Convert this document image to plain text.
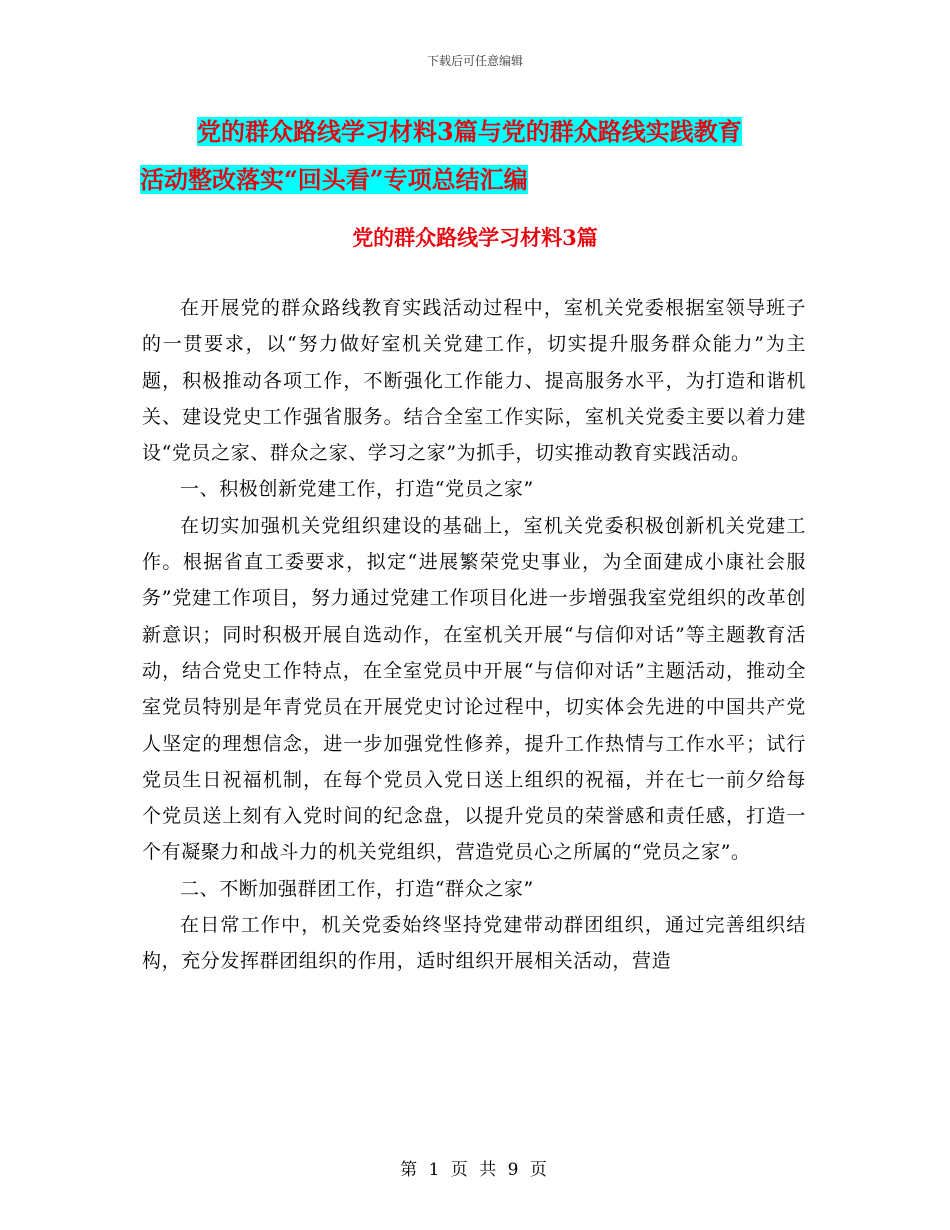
下载后可任意编辑
党的群众路线学习材料3篇与党的群众路线实践教育
活动整改落实“回头看”专项总结汇编
党的群众路线学习材料3篇

在开展党的群众路线教育实践活动过程中，室机关党委根据室领导班子的一贯要求，以“努力做好室机关党建工作，切实提升服务群众能力”为主题，积极推动各项工作，不断强化工作能力、提高服务水平，为打造和谐机关、建设党史工作强省服务。结合全室工作实际，室机关党委主要以着力建设“党员之家、群众之家、学习之家”为抓手，切实推动教育实践活动。

一、积极创新党建工作，打造“党员之家”

在切实加强机关党组织建设的基础上，室机关党委积极创新机关党建工作。根据省直工委要求，拟定“进展繁荣党史事业，为全面建成小康社会服务”党建工作项目，努力通过党建工作项目化进一步增强我室党组织的改革创新意识；同时积极开展自选动作，在室机关开展“与信仰对话”等主题教育活动，结合党史工作特点，在全室党员中开展“与信仰对话”主题活动，推动全室党员特别是年青党员在开展党史讨论过程中，切实体会先进的中国共产党人坚定的理想信念，进一步加强党性修养，提升工作热情与工作水平；试行党员生日祝福机制，在每个党员入党日送上组织的祝福，并在七一前夕给每个党员送上刻有入党时间的纪念盘，以提升党员的荣誉感和责任感，打造一个有凝聚力和战斗力的机关党组织，营造党员心之所属的“党员之家”。

二、不断加强群团工作，打造“群众之家”

在日常工作中，机关党委始终坚持党建带动群团组织，通过完善组织结构，充分发挥群团组织的作用，适时组织开展相关活动，营造

第 1 页 共 9 页
